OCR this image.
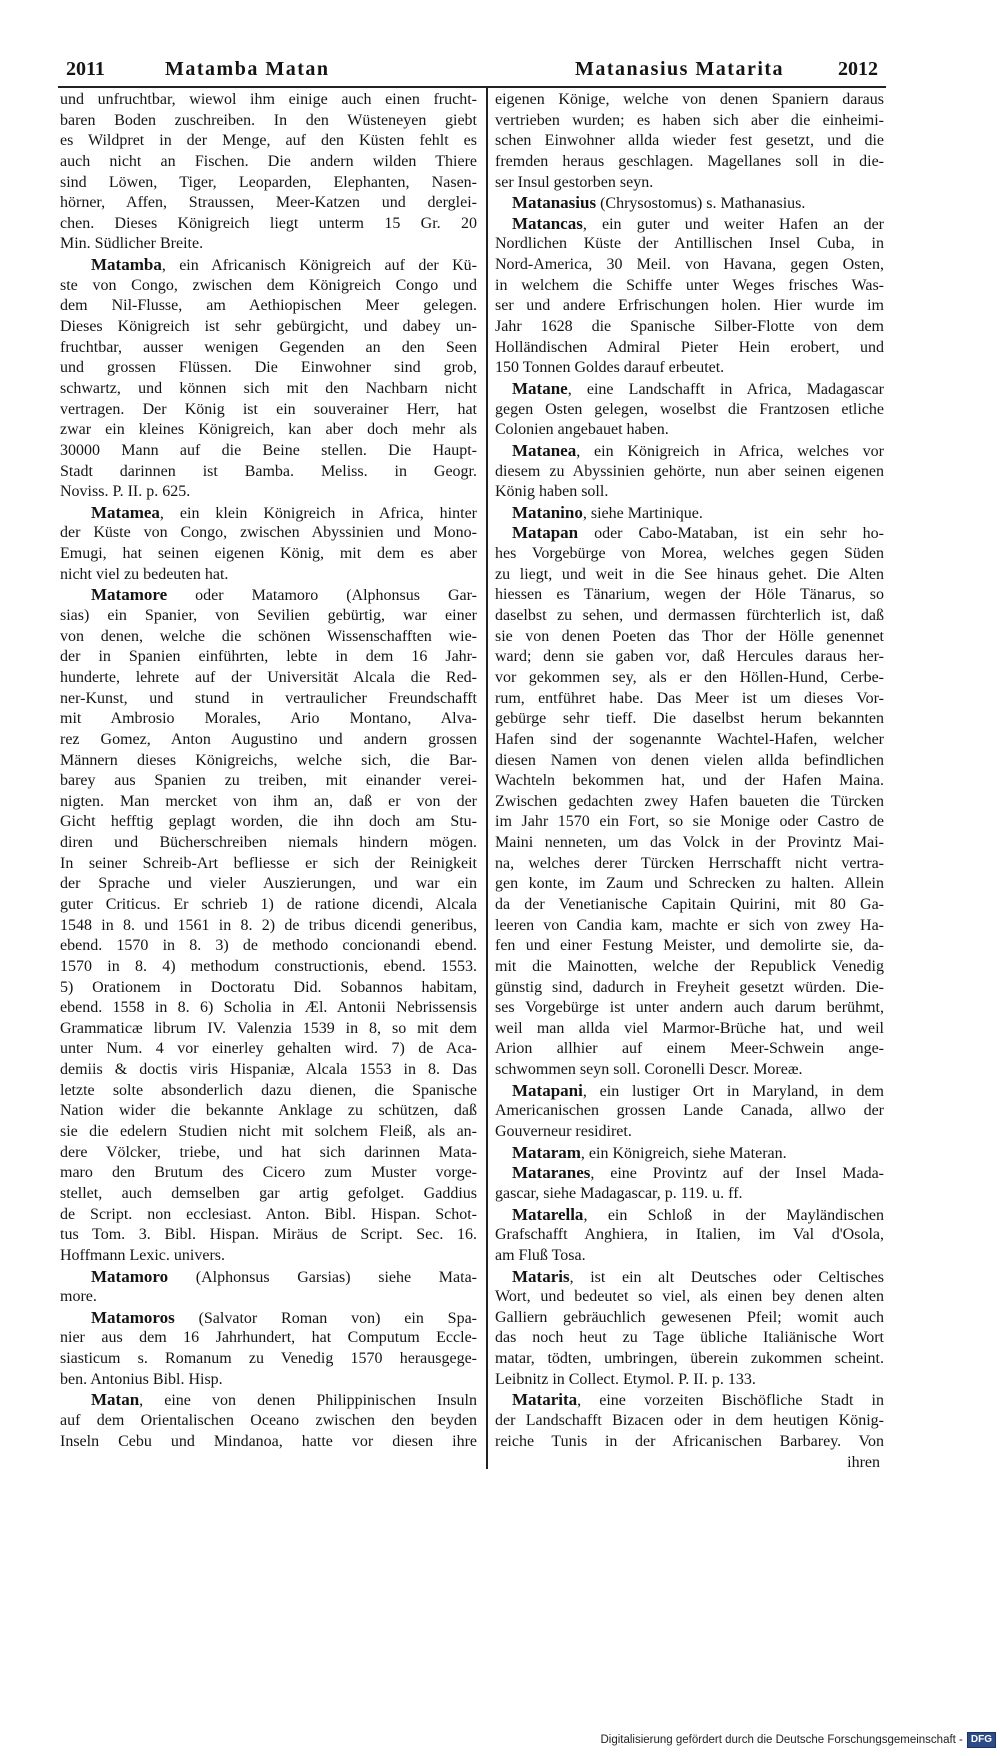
2011	Matamba Matan	Matanasius Matarita	2012
und unfruchtbar, wiewol ihm einige auch einen frucht-
baren Boden zuschreiben. In den Wüsteneyen giebt
es Wildpret in der Menge, auf den Küsten fehlt es
auch nicht an Fischen. Die andern wilden Thiere
sind Löwen, Tiger, Leoparden, Elephanten, Nasen-
hörner, Affen, Straussen, Meer-Katzen und derglei-
chen. Dieses Königreich liegt unterm 15 Gr. 20
Min. Südlicher Breite.
Matamba, ein Africanisch Königreich auf der Kü-
ste von Congo, zwischen dem Königreich Congo und
dem Nil-Flusse, am Aethiopischen Meer gelegen.
Dieses Königreich ist sehr gebürgicht, und dabey un-
fruchtbar, ausser wenigen Gegenden an den Seen
und grossen Flüssen. Die Einwohner sind grob,
schwartz, und können sich mit den Nachbarn nicht
vertragen. Der König ist ein souverainer Herr, hat
zwar ein kleines Königreich, kan aber doch mehr als
30000 Mann auf die Beine stellen. Die Haupt-
Stadt darinnen ist Bamba. Meliss. in Geogr.
Noviss. P. II. p. 625.
Matamea, ein klein Königreich in Africa, hinter
der Küste von Congo, zwischen Abyssinien und Mono-
Emugi, hat seinen eigenen König, mit dem es aber
nicht viel zu bedeuten hat.
Matamore oder Matamoro (Alphonsus Gar-
sias) ein Spanier, von Sevilien gebürtig, war einer
von denen, welche die schönen Wissenschafften wie-
der in Spanien einführten, lebte in dem 16 Jahr-
hunderte, lehrete auf der Universität Alcala die Red-
ner-Kunst, und stund in vertraulicher Freundschafft
mit Ambrosio Morales, Ario Montano, Alva-
rez Gomez, Anton Augustino und andern grossen
Männern dieses Königreichs, welche sich, die Bar-
barey aus Spanien zu treiben, mit einander verei-
nigten. Man mercket von ihm an, daß er von der
Gicht hefftig geplagt worden, die ihn doch am Stu-
diren und Bücherschreiben niemals hindern mögen.
In seiner Schreib-Art befliesse er sich der Reinigkeit
der Sprache und vieler Auszierungen, und war ein
guter Criticus. Er schrieb 1) de ratione dicendi, Alcala
1548 in 8. und 1561 in 8. 2) de tribus dicendi generibus,
ebend. 1570 in 8. 3) de methodo concionandi ebend.
1570 in 8. 4) methodum constructionis, ebend. 1553.
5) Orationem in Doctoratu Did. Sobannos habitam,
ebend. 1558 in 8. 6) Scholia in Æl. Antonii Nebrissensis
Grammaticæ librum IV. Valenzia 1539 in 8, so mit dem
unter Num. 4 vor einerley gehalten wird. 7) de Aca-
demiis & doctis viris Hispaniæ, Alcala 1553 in 8. Das
letzte solte absonderlich dazu dienen, die Spanische
Nation wider die bekannte Anklage zu schützen, daß
sie die edelern Studien nicht mit solchem Fleiß, als an-
dere Völcker, triebe, und hat sich darinnen Mata-
maro den Brutum des Cicero zum Muster vorge-
stellet, auch demselben gar artig gefolget. Gaddius
de Script. non ecclesiast. Anton. Bibl. Hispan. Schot-
tus Tom. 3. Bibl. Hispan. Miräus de Script. Sec. 16.
Hoffmann Lexic. univers.
Matamoro (Alphonsus Garsias) siehe Mata-
more.
Matamoros (Salvator Roman von) ein Spa-
nier aus dem 16 Jahrhundert, hat Computum Eccle-
siasticum s. Romanum zu Venedig 1570 herausgege-
ben. Antonius Bibl. Hisp.
Matan, eine von denen Philippinischen Insuln
auf dem Orientalischen Oceano zwischen den beyden
Inseln Cebu und Mindanoa, hatte vor diesen ihre
eigenen Könige, welche von denen Spaniern daraus
vertrieben wurden; es haben sich aber die einheimi-
schen Einwohner allda wieder fest gesetzt, und die
fremden heraus geschlagen. Magellanes soll in die-
ser Insul gestorben seyn.
Matanasius (Chrysostomus) s. Mathanasius.
Matancas, ein guter und weiter Hafen an der
Nordlichen Küste der Antillischen Insel Cuba, in
Nord-America, 30 Meil. von Havana, gegen Osten,
in welchem die Schiffe unter Weges frisches Was-
ser und andere Erfrischungen holen. Hier wurde im
Jahr 1628 die Spanische Silber-Flotte von dem
Holländischen Admiral Pieter Hein erobert, und
150 Tonnen Goldes darauf erbeutet.
Matane, eine Landschafft in Africa, Madagascar
gegen Osten gelegen, woselbst die Frantzosen etliche
Colonien angebauet haben.
Matanea, ein Königreich in Africa, welches vor
diesem zu Abyssinien gehörte, nun aber seinen eigenen
König haben soll.
Matanino, siehe Martinique.
Matapan oder Cabo-Mataban, ist ein sehr ho-
hes Vorgebürge von Morea, welches gegen Süden
zu liegt, und weit in die See hinaus gehet. Die Alten
hiessen es Tänarium, wegen der Höle Tänarus, so
daselbst zu sehen, und dermassen fürchterlich ist, daß
sie von denen Poeten das Thor der Hölle genennet
ward; denn sie gaben vor, daß Hercules daraus her-
vor gekommen sey, als er den Höllen-Hund, Cerbe-
rum, entführet habe. Das Meer ist um dieses Vor-
gebürge sehr tieff. Die daselbst herum bekannten
Hafen sind der sogenannte Wachtel-Hafen, welcher
diesen Namen von denen vielen allda befindlichen
Wachteln bekommen hat, und der Hafen Maina.
Zwischen gedachten zwey Hafen baueten die Türcken
im Jahr 1570 ein Fort, so sie Monige oder Castro de
Maini nenneten, um das Volck in der Provintz Mai-
na, welches derer Türcken Herrschafft nicht vertra-
gen konte, im Zaum und Schrecken zu halten. Allein
da der Venetianische Capitain Quirini, mit 80 Ga-
leeren von Candia kam, machte er sich von zwey Ha-
fen und einer Festung Meister, und demolirte sie, da-
mit die Mainotten, welche der Republick Venedig
günstig sind, dadurch in Freyheit gesetzt würden. Die-
ses Vorgebürge ist unter andern auch darum berühmt,
weil man allda viel Marmor-Brüche hat, und weil
Arion allhier auf einem Meer-Schwein ange-
schwommen seyn soll. Coronelli Descr. Moreæ.
Matapani, ein lustiger Ort in Maryland, in dem
Americanischen grossen Lande Canada, allwo der
Gouverneur residiret.
Mataram, ein Königreich, siehe Materan.
Mataranes, eine Provintz auf der Insel Mada-
gascar, siehe Madagascar, p. 119. u. ff.
Matarella, ein Schloß in der Mayländischen
Grafschafft Anghiera, in Italien, im Val d'Osola,
am Fluß Tosa.
Mataris, ist ein alt Deutsches oder Celtisches
Wort, und bedeutet so viel, als einen bey denen alten
Galliern gebräuchlich gewesenen Pfeil; womit auch
das noch heut zu Tage übliche Italiänische Wort
matar, tödten, umbringen, überein zukommen scheint.
Leibnitz in Collect. Etymol. P. II. p. 133.
Matarita, eine vorzeiten Bischöfliche Stadt in
der Landschafft Bizacen oder in dem heutigen König-
reiche Tunis in der Africanischen Barbarey. Von
ihren
Digitalisierung gefördert durch die Deutsche Forschungsgemeinschaft - DFG
